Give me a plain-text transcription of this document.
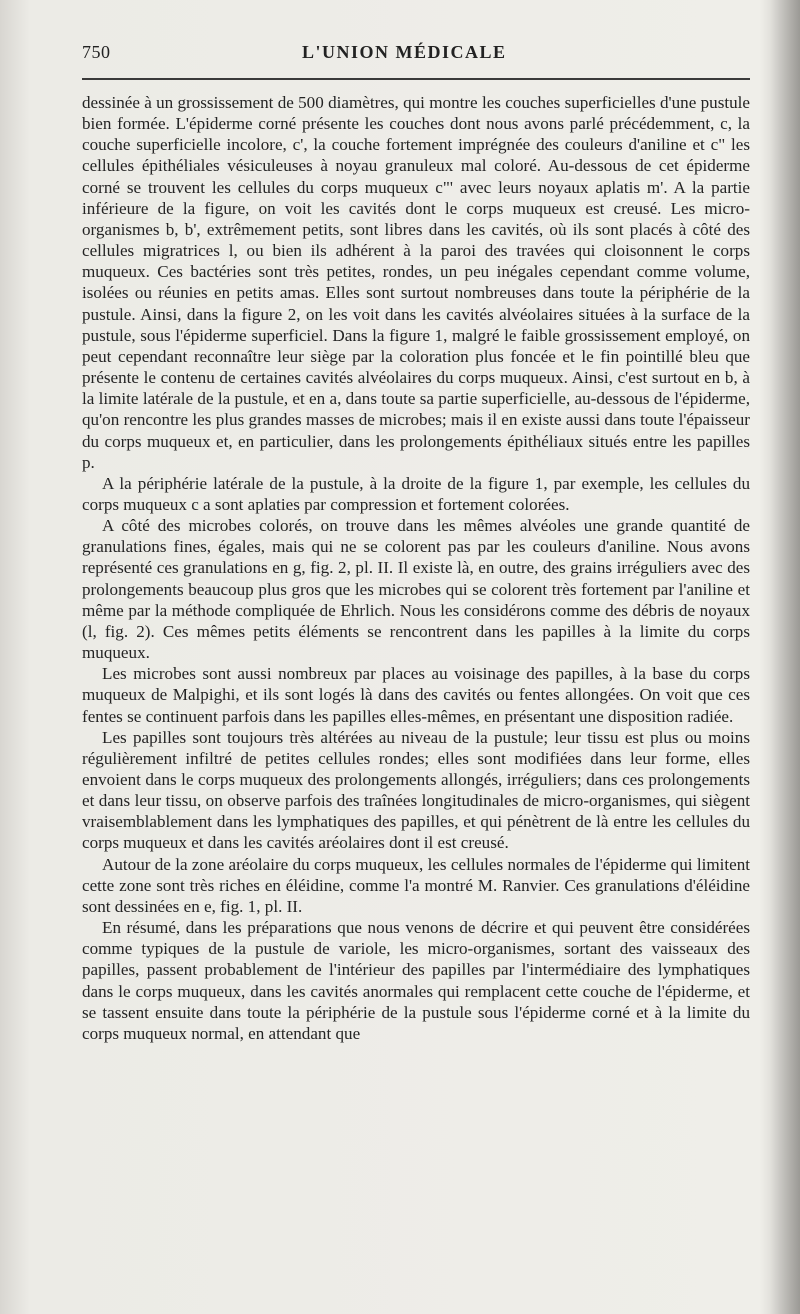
750	L'UNION MÉDICALE

dessinée à un grossissement de 500 diamètres, qui montre les couches superficielles d'une pustule bien formée. L'épiderme corné présente les couches dont nous avons parlé précédemment, c, la couche superficielle incolore, c', la couche fortement imprégnée des couleurs d'aniline et c" les cellules épithéliales vésiculeuses à noyau granuleux mal coloré. Au-dessous de cet épiderme corné se trouvent les cellules du corps muqueux c"' avec leurs noyaux aplatis m'. A la partie inférieure de la figure, on voit les cavités dont le corps muqueux est creusé. Les micro-organismes b, b', extrêmement petits, sont libres dans les cavités, où ils sont placés à côté des cellules migratrices l, ou bien ils adhérent à la paroi des travées qui cloisonnent le corps muqueux. Ces bactéries sont très petites, rondes, un peu inégales cependant comme volume, isolées ou réunies en petits amas. Elles sont surtout nombreuses dans toute la périphérie de la pustule. Ainsi, dans la figure 2, on les voit dans les cavités alvéolaires situées à la surface de la pustule, sous l'épiderme superficiel. Dans la figure 1, malgré le faible grossissement employé, on peut cependant reconnaître leur siège par la coloration plus foncée et le fin pointillé bleu que présente le contenu de certaines cavités alvéolaires du corps muqueux. Ainsi, c'est surtout en b, à la limite latérale de la pustule, et en a, dans toute sa partie superficielle, au-dessous de l'épiderme, qu'on rencontre les plus grandes masses de microbes; mais il en existe aussi dans toute l'épaisseur du corps muqueux et, en particulier, dans les prolongements épithéliaux situés entre les papilles p.

A la périphérie latérale de la pustule, à la droite de la figure 1, par exemple, les cellules du corps muqueux c a sont aplaties par compression et fortement colorées.

A côté des microbes colorés, on trouve dans les mêmes alvéoles une grande quantité de granulations fines, égales, mais qui ne se colorent pas par les couleurs d'aniline. Nous avons représenté ces granulations en g, fig. 2, pl. II. Il existe là, en outre, des grains irréguliers avec des prolongements beaucoup plus gros que les microbes qui se colorent très fortement par l'aniline et même par la méthode compliquée de Ehrlich. Nous les considérons comme des débris de noyaux (l, fig. 2). Ces mêmes petits éléments se rencontrent dans les papilles à la limite du corps muqueux.

Les microbes sont aussi nombreux par places au voisinage des papilles, à la base du corps muqueux de Malpighi, et ils sont logés là dans des cavités ou fentes allongées. On voit que ces fentes se continuent parfois dans les papilles elles-mêmes, en présentant une disposition radiée.

Les papilles sont toujours très altérées au niveau de la pustule; leur tissu est plus ou moins régulièrement infiltré de petites cellules rondes; elles sont modifiées dans leur forme, elles envoient dans le corps muqueux des prolongements allongés, irréguliers; dans ces prolongements et dans leur tissu, on observe parfois des traînées longitudinales de micro-organismes, qui siègent vraisemblablement dans les lymphatiques des papilles, et qui pénètrent de là entre les cellules du corps muqueux et dans les cavités aréolaires dont il est creusé.

Autour de la zone aréolaire du corps muqueux, les cellules normales de l'épiderme qui limitent cette zone sont très riches en éléidine, comme l'a montré M. Ranvier. Ces granulations d'éléidine sont dessinées en e, fig. 1, pl. II.

En résumé, dans les préparations que nous venons de décrire et qui peuvent être considérées comme typiques de la pustule de variole, les micro-organismes, sortant des vaisseaux des papilles, passent probablement de l'intérieur des papilles par l'intermédiaire des lymphatiques dans le corps muqueux, dans les cavités anormales qui remplacent cette couche de l'épiderme, et se tassent ensuite dans toute la périphérie de la pustule sous l'épiderme corné et à la limite du corps muqueux normal, en attendant que
